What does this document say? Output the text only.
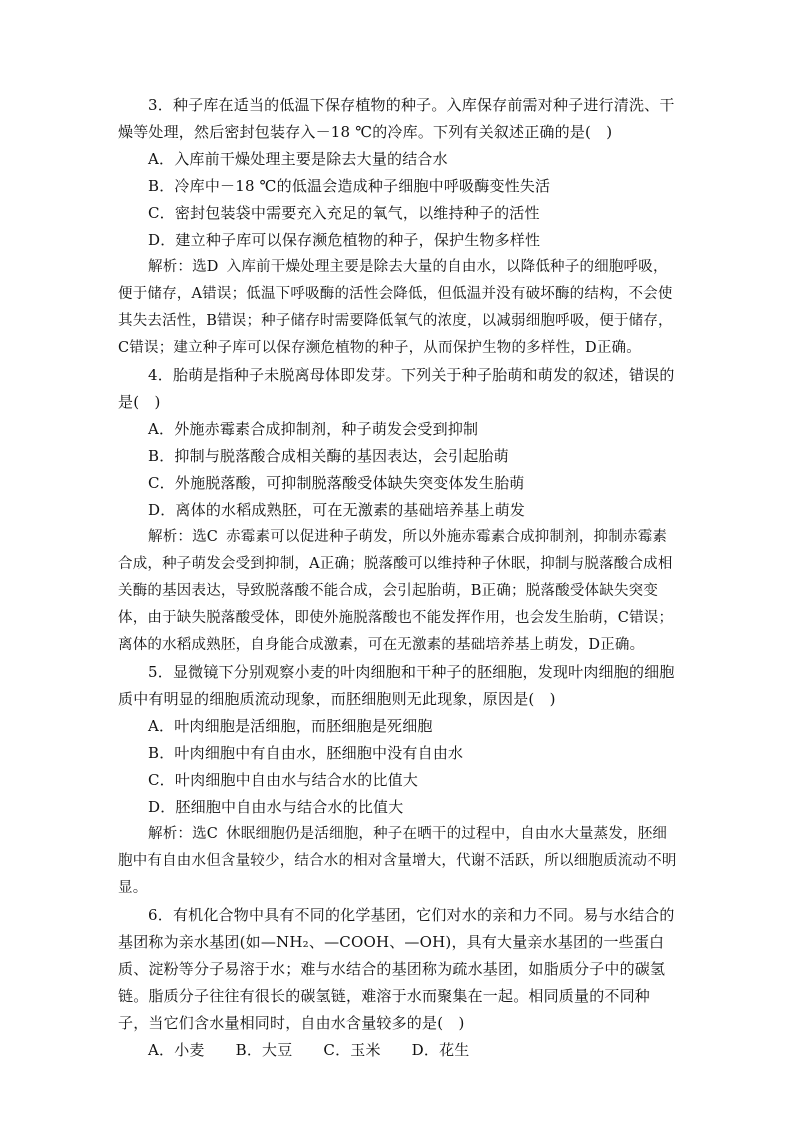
3．种子库在适当的低温下保存植物的种子。入库保存前需对种子进行清洗、干燥等处理，然后密封包装存入－18 ℃的冷库。下列有关叙述正确的是(　)
A．入库前干燥处理主要是除去大量的结合水
B．冷库中－18 ℃的低温会造成种子细胞中呼吸酶变性失活
C．密封包装袋中需要充入充足的氧气，以维持种子的活性
D．建立种子库可以保存濒危植物的种子，保护生物多样性
解析：选D 入库前干燥处理主要是除去大量的自由水，以降低种子的细胞呼吸，便于储存，A错误；低温下呼吸酶的活性会降低，但低温并没有破坏酶的结构，不会使其失去活性，B错误；种子储存时需要降低氧气的浓度，以减弱细胞呼吸，便于储存，C错误；建立种子库可以保存濒危植物的种子，从而保护生物的多样性，D正确。
4．胎萌是指种子未脱离母体即发芽。下列关于种子胎萌和萌发的叙述，错误的是(　)
A．外施赤霉素合成抑制剂，种子萌发会受到抑制
B．抑制与脱落酸合成相关酶的基因表达，会引起胎萌
C．外施脱落酸，可抑制脱落酸受体缺失突变体发生胎萌
D．离体的水稻成熟胚，可在无激素的基础培养基上萌发
解析：选C 赤霉素可以促进种子萌发，所以外施赤霉素合成抑制剂，抑制赤霉素合成，种子萌发会受到抑制，A正确；脱落酸可以维持种子休眠，抑制与脱落酸合成相关酶的基因表达，导致脱落酸不能合成，会引起胎萌，B正确；脱落酸受体缺失突变体，由于缺失脱落酸受体，即使外施脱落酸也不能发挥作用，也会发生胎萌，C错误；离体的水稻成熟胚，自身能合成激素，可在无激素的基础培养基上萌发，D正确。
5．显微镜下分别观察小麦的叶肉细胞和干种子的胚细胞，发现叶肉细胞的细胞质中有明显的细胞质流动现象，而胚细胞则无此现象，原因是(　)
A．叶肉细胞是活细胞，而胚细胞是死细胞
B．叶肉细胞中有自由水，胚细胞中没有自由水
C．叶肉细胞中自由水与结合水的比值大
D．胚细胞中自由水与结合水的比值大
解析：选C 休眠细胞仍是活细胞，种子在晒干的过程中，自由水大量蒸发，胚细胞中有自由水但含量较少，结合水的相对含量增大，代谢不活跃，所以细胞质流动不明显。
6．有机化合物中具有不同的化学基团，它们对水的亲和力不同。易与水结合的基团称为亲水基团(如—NH₂、—COOH、—OH)，具有大量亲水基团的一些蛋白质、淀粉等分子易溶于水；难与水结合的基团称为疏水基团，如脂质分子中的碳氢链。脂质分子往往有很长的碳氢链，难溶于水而聚集在一起。相同质量的不同种子，当它们含水量相同时，自由水含量较多的是(　)
A．小麦 B．大豆 C．玉米 D．花生
